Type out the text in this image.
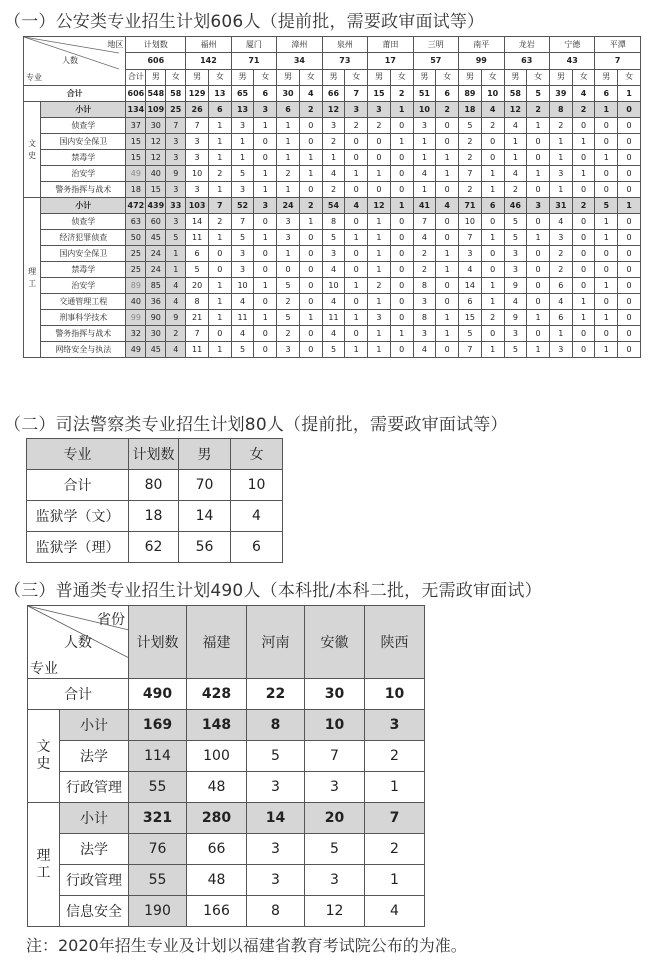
（一）公安类专业招生计划606人（提前批，需要政审面试等）
地区
人数
专业		计划数			福州		厦门		漳州		泉州		莆田		三明		南平		龙岩		宁德		平潭	
		606			142		71		34		73		17		57		99		63		43		7	
		合计	男	女	男	女	男	女	男	女	男	女	男	女	男	女	男	女	男	女	男	女	男	女
合计		606	548	58	129	13	65	6	30	4	66	7	15	2	51	6	89	10	58	5	39	4	6	1
文史	小计	134	109	25	26	6	13	3	6	2	12	3	3	1	10	2	18	4	12	2	8	2	1	0
	侦查学	37	30	7	7	1	3	1	1	0	3	2	2	0	3	0	5	2	4	1	2	0	0	0
	国内安全保卫	15	12	3	3	1	1	0	1	0	2	0	0	1	1	0	2	0	1	0	1	1	0	0
	禁毒学	15	12	3	3	1	1	0	1	1	1	0	0	0	1	1	2	0	1	0	1	0	1	0
	治安学	49	40	9	10	2	5	1	2	1	4	1	1	0	4	1	7	1	4	1	3	1	0	0
	警务指挥与战术	18	15	3	3	1	3	1	1	0	2	0	0	0	1	0	2	1	2	0	1	0	0	0
理工	小计	472	439	33	103	7	52	3	24	2	54	4	12	1	41	4	71	6	46	3	31	2	5	1
	侦查学	63	60	3	14	2	7	0	3	1	8	0	1	0	7	0	10	0	5	0	4	0	1	0
	经济犯罪侦查	50	45	5	11	1	5	1	3	0	5	1	1	0	4	0	7	1	5	1	3	0	1	0
	国内安全保卫	25	24	1	6	0	3	0	1	0	3	0	1	0	2	1	3	0	3	0	2	0	0	0
	禁毒学	25	24	1	5	0	3	0	0	0	4	0	1	0	2	1	4	0	3	0	2	0	0	0
	治安学	89	85	4	20	1	10	1	5	0	10	1	2	0	8	0	14	1	9	0	6	0	1	0
	交通管理工程	40	36	4	8	1	4	0	2	0	4	0	1	0	3	0	6	1	4	0	4	1	0	0
	刑事科学技术	99	90	9	21	1	11	1	5	1	11	1	3	0	8	1	15	2	9	1	6	1	1	0
	警务指挥与战术	32	30	2	7	0	4	0	2	0	4	0	1	1	3	1	5	0	3	0	1	0	0	0
	网络安全与执法	49	45	4	11	1	5	0	3	0	5	1	1	0	4	0	7	1	5	1	3	0	1	0
（二）司法警察类专业招生计划80人（提前批，需要政审面试等）
专业	计划数	男	女
合计	80	70	10
监狱学（文）	18	14	4
监狱学（理）	62	56	6
（三）普通类专业招生计划490人（本科批/本科二批，无需政审面试）
省份
人数
专业		计划数	福建	河南	安徽	陕西
合计		490	428	22	30	10
文史	小计	169	148	8	10	3
	法学	114	100	5	7	2
	行政管理	55	48	3	3	1
理工	小计	321	280	14	20	7
	法学	76	66	3	5	2
	行政管理	55	48	3	3	1
	信息安全	190	166	8	12	4
注：2020年招生专业及计划以福建省教育考试院公布的为准。
